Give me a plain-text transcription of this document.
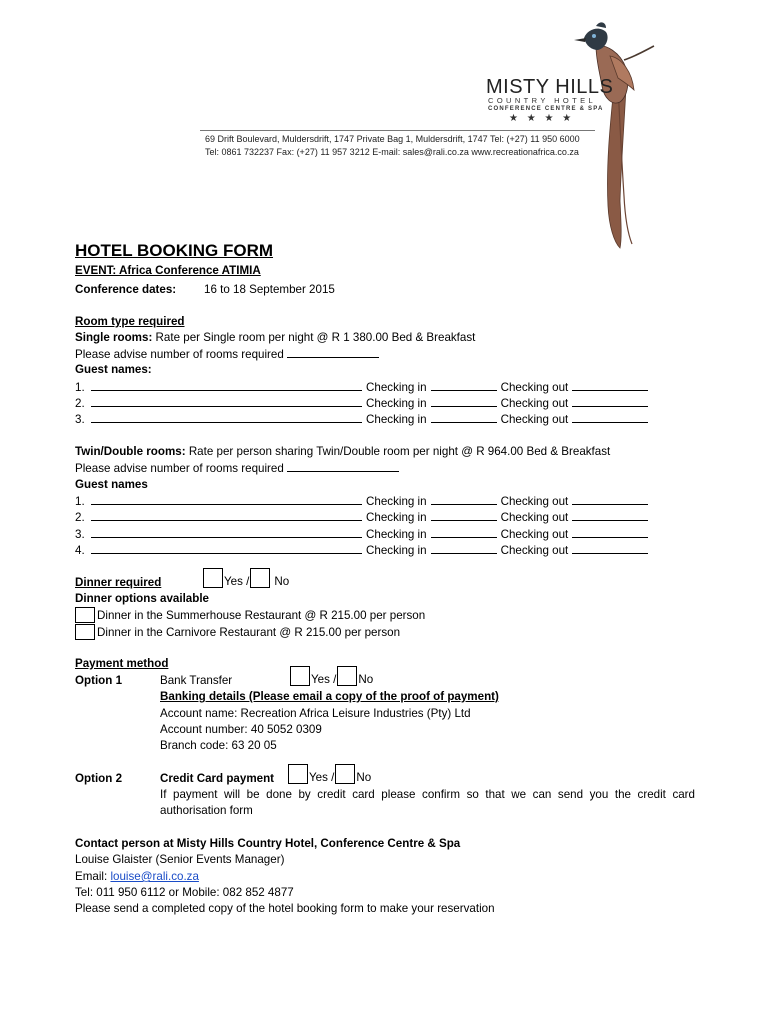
MISTY HILLS
COUNTRY HOTEL
CONFERENCE CENTRE & SPA
★ ★ ★ ★
69 Drift Boulevard, Muldersdrift, 1747 Private Bag 1, Muldersdrift, 1747 Tel: (+27) 11 950 6000
Tel: 0861 732237 Fax: (+27) 11 957 3212 E-mail: sales@rali.co.za www.recreationafrica.co.za
HOTEL BOOKING FORM
EVENT: Africa Conference ATIMIA
Conference dates: 16 to 18 September 2015
Room type required
Single rooms: Rate per Single room per night @ R 1 380.00 Bed & Breakfast
Please advise number of rooms required
Guest names:
1.	Checking in	Checking out
2.	Checking in	Checking out
3.	Checking in	Checking out
Twin/Double rooms: Rate per person sharing Twin/Double room per night @ R 964.00 Bed & Breakfast
Please advise number of rooms required
Guest names
1.	Checking in	Checking out
2.	Checking in	Checking out
3.	Checking in	Checking out
4.	Checking in	Checking out
Dinner required	Yes / No
Dinner options available
Dinner in the Summerhouse Restaurant @ R 215.00 per person
Dinner in the Carnivore Restaurant @ R 215.00 per person
Payment method
Option 1	Bank Transfer	Yes / No
Banking details (Please email a copy of the proof of payment)
Account name: Recreation Africa Leisure Industries (Pty) Ltd
Account number: 40 5052 0309
Branch code: 63 20 05
Option 2	Credit Card payment	Yes / No
If payment will be done by credit card please confirm so that we can send you the credit card
authorisation form
Contact person at Misty Hills Country Hotel, Conference Centre & Spa
Louise Glaister (Senior Events Manager)
Email: louise@rali.co.za
Tel: 011 950 6112 or Mobile: 082 852 4877
Please send a completed copy of the hotel booking form to make your reservation
